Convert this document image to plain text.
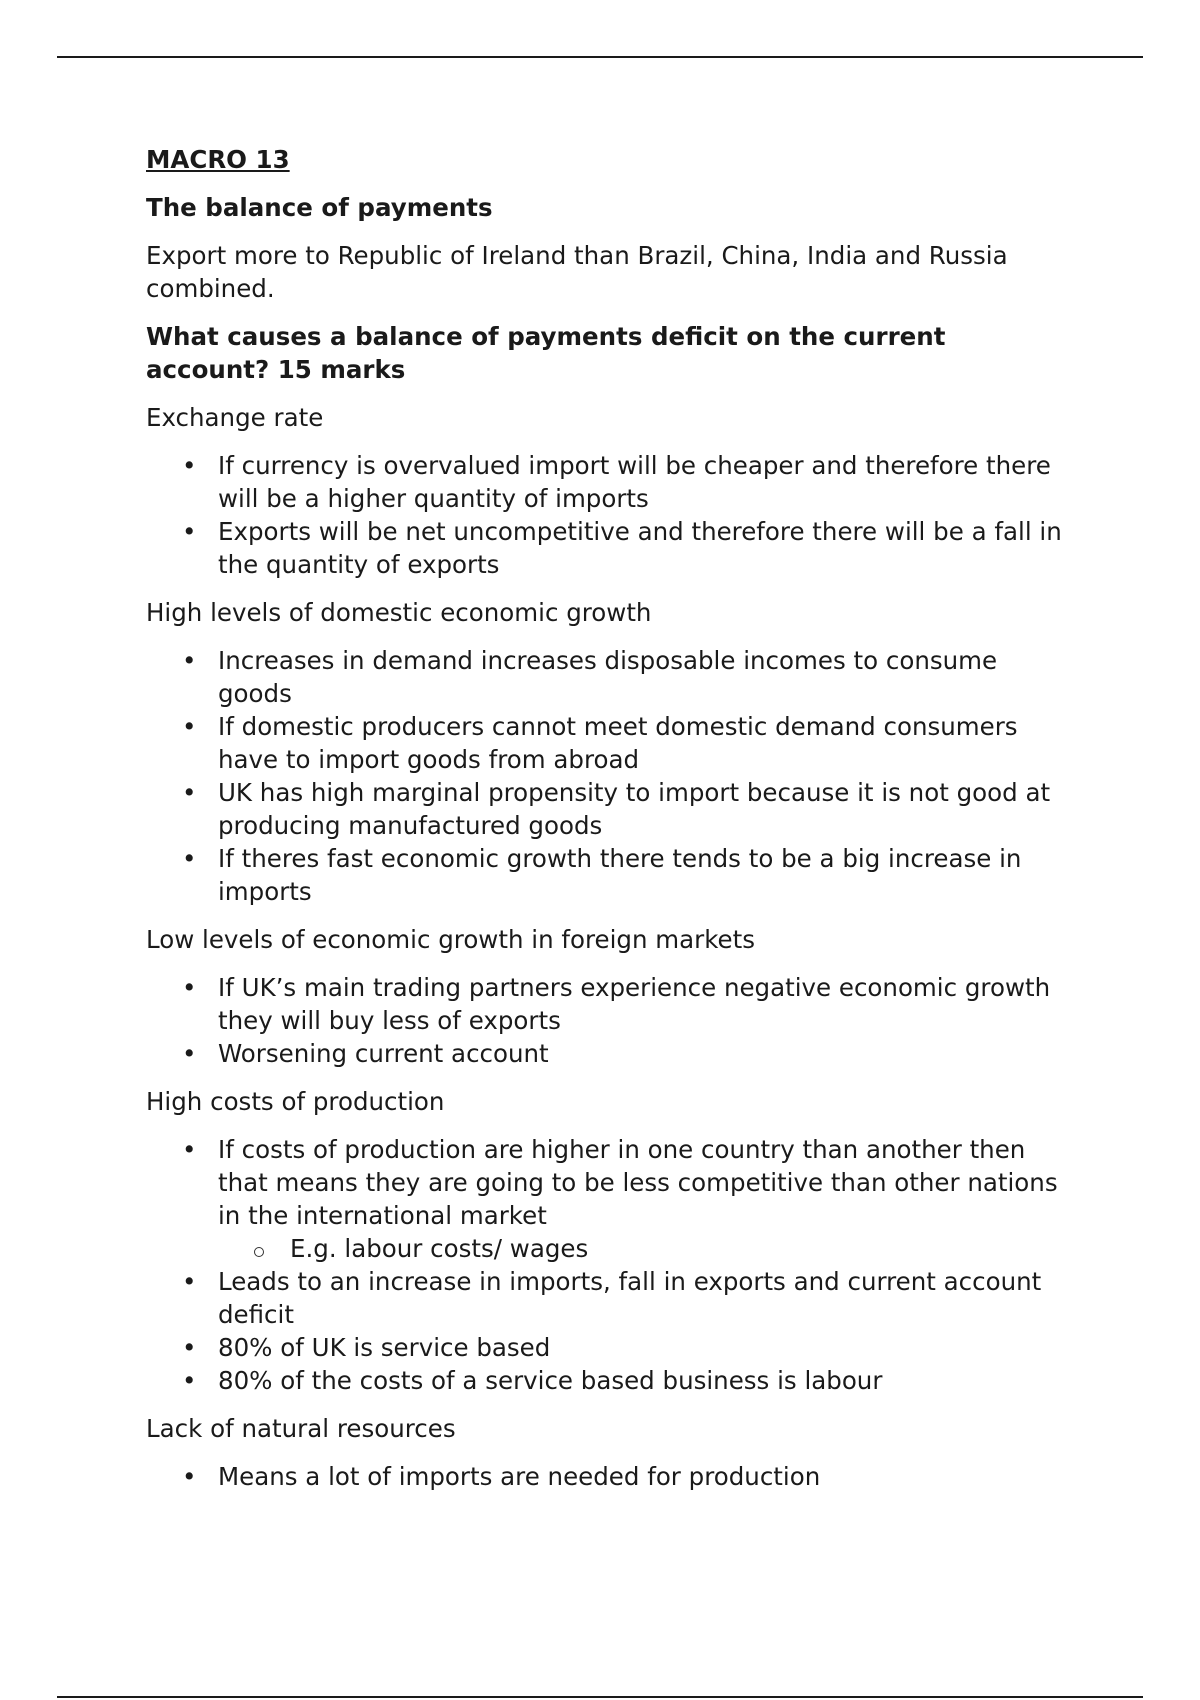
MACRO 13
The balance of payments

Export more to Republic of Ireland than Brazil, China, India and Russia combined.

What causes a balance of payments deficit on the current account? 15 marks

Exchange rate

• If currency is overvalued import will be cheaper and therefore there will be a higher quantity of imports
• Exports will be net uncompetitive and therefore there will be a fall in the quantity of exports

High levels of domestic economic growth

• Increases in demand increases disposable incomes to consume goods
• If domestic producers cannot meet domestic demand consumers have to import goods from abroad
• UK has high marginal propensity to import because it is not good at producing manufactured goods
• If theres fast economic growth there tends to be a big increase in imports

Low levels of economic growth in foreign markets

• If UK’s main trading partners experience negative economic growth they will buy less of exports
• Worsening current account

High costs of production

• If costs of production are higher in one country than another then that means they are going to be less competitive than other nations in the international market
E.g. labour costs/ wages
• Leads to an increase in imports, fall in exports and current account deficit
• 80% of UK is service based
• 80% of the costs of a service based business is labour

Lack of natural resources

• Means a lot of imports are needed for production
